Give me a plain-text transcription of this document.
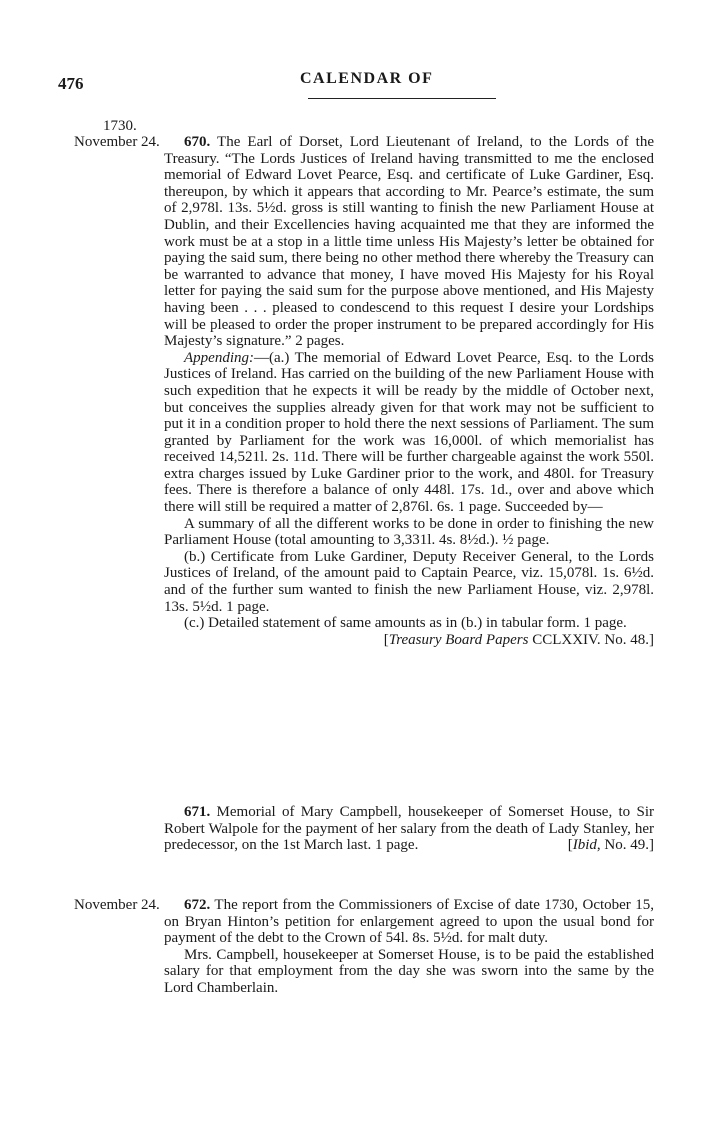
476	CALENDAR OF
1730.
November 24.	670. The Earl of Dorset, Lord Lieutenant of Ireland, to the Lords of the Treasury. “The Lords Justices of Ireland having transmitted to me the enclosed memorial of Edward Lovet Pearce, Esq. and certificate of Luke Gardiner, Esq. thereupon, by which it appears that according to Mr. Pearce’s estimate, the sum of 2,978l. 13s. 5½d. gross is still wanting to finish the new Parliament House at Dublin, and their Excellencies having acquainted me that they are informed the work must be at a stop in a little time unless His Majesty’s letter be obtained for paying the said sum, there being no other method there whereby the Treasury can be warranted to advance that money, I have moved His Majesty for his Royal letter for paying the said sum for the purpose above mentioned, and His Majesty having been . . . pleased to condescend to this request I desire your Lordships will be pleased to order the proper instrument to be prepared accordingly for His Majesty’s signature.” 2 pages.

Appending:—(a.) The memorial of Edward Lovet Pearce, Esq. to the Lords Justices of Ireland. Has carried on the building of the new Parliament House with such expedition that he expects it will be ready by the middle of October next, but conceives the supplies already given for that work may not be sufficient to put it in a condition proper to hold there the next sessions of Parliament. The sum granted by Parliament for the work was 16,000l. of which memorialist has received 14,521l. 2s. 11d. There will be further chargeable against the work 550l. extra charges issued by Luke Gardiner prior to the work, and 480l. for Treasury fees. There is therefore a balance of only 448l. 17s. 1d., over and above which there will still be required a matter of 2,876l. 6s. 1 page. Succeeded by—

A summary of all the different works to be done in order to finishing the new Parliament House (total amounting to 3,331l. 4s. 8½d.). ½ page.

(b.) Certificate from Luke Gardiner, Deputy Receiver General, to the Lords Justices of Ireland, of the amount paid to Captain Pearce, viz. 15,078l. 1s. 6½d. and of the further sum wanted to finish the new Parliament House, viz. 2,978l. 13s. 5½d. 1 page.

(c.) Detailed statement of same amounts as in (b.) in tabular form. 1 page.
[Treasury Board Papers CCLXXIV. No. 48.]

671. Memorial of Mary Campbell, housekeeper of Somerset House, to Sir Robert Walpole for the payment of her salary from the death of Lady Stanley, her predecessor, on the 1st March last. 1 page.	[Ibid, No. 49.]

November 24.	672. The report from the Commissioners of Excise of date 1730, October 15, on Bryan Hinton’s petition for enlargement agreed to upon the usual bond for payment of the debt to the Crown of 54l. 8s. 5½d. for malt duty.

Mrs. Campbell, housekeeper at Somerset House, is to be paid the established salary for that employment from the day she was sworn into the same by the Lord Chamberlain.
